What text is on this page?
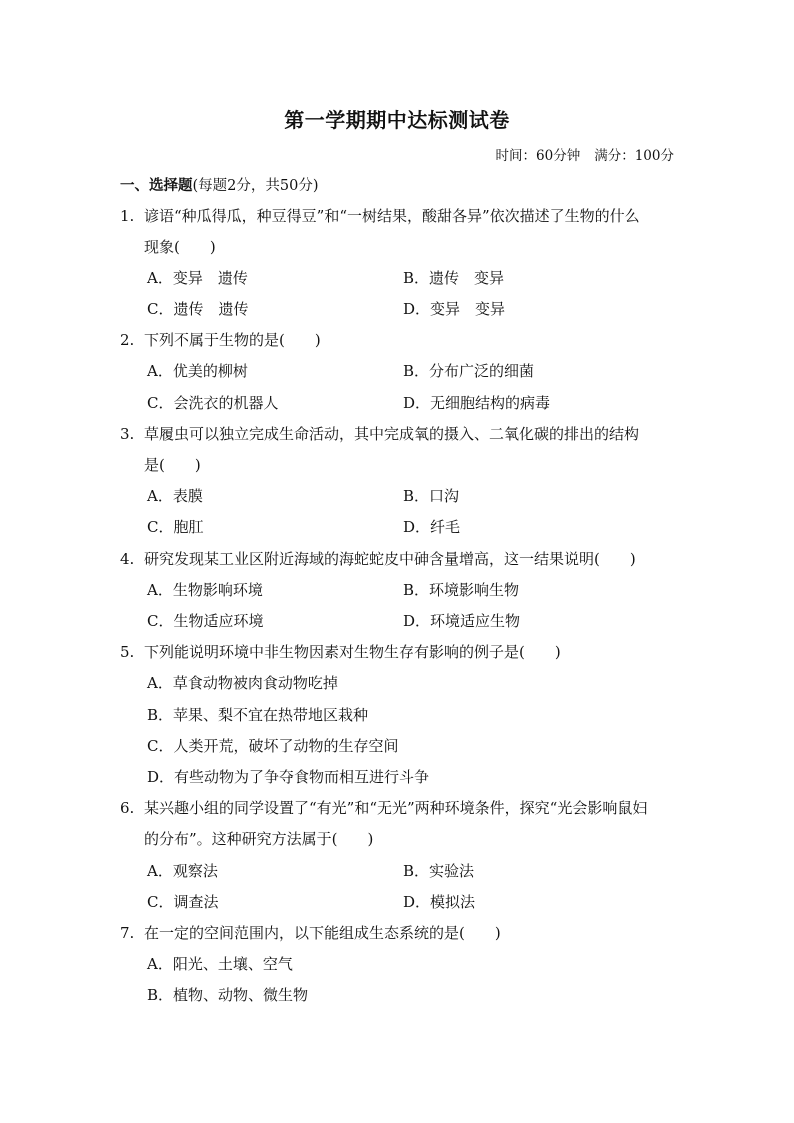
第一学期期中达标测试卷
时间：60分钟 满分：100分
一、选择题(每题2分，共50分)
1. 谚语“种瓜得瓜，种豆得豆”和“一树结果，酸甜各异”依次描述了生物的什么
现象(　　)
A．变异　遗传	B．遗传　变异
C．遗传　遗传	D．变异　变异
2. 下列不属于生物的是(　　)
A．优美的柳树	B．分布广泛的细菌
C．会洗衣的机器人	D．无细胞结构的病毒
3. 草履虫可以独立完成生命活动，其中完成氧的摄入、二氧化碳的排出的结构
是(　　)
A．表膜	B．口沟
C．胞肛	D．纤毛
4. 研究发现某工业区附近海域的海蛇蛇皮中砷含量增高，这一结果说明(　　)
A．生物影响环境	B．环境影响生物
C．生物适应环境	D．环境适应生物
5. 下列能说明环境中非生物因素对生物生存有影响的例子是(　　)
A．草食动物被肉食动物吃掉
B．苹果、梨不宜在热带地区栽种
C．人类开荒，破坏了动物的生存空间
D．有些动物为了争夺食物而相互进行斗争
6. 某兴趣小组的同学设置了“有光”和“无光”两种环境条件，探究“光会影响鼠妇
的分布”。这种研究方法属于(　　)
A．观察法	B．实验法
C．调查法	D．模拟法
7. 在一定的空间范围内，以下能组成生态系统的是(　　)
A．阳光、土壤、空气
B．植物、动物、微生物
